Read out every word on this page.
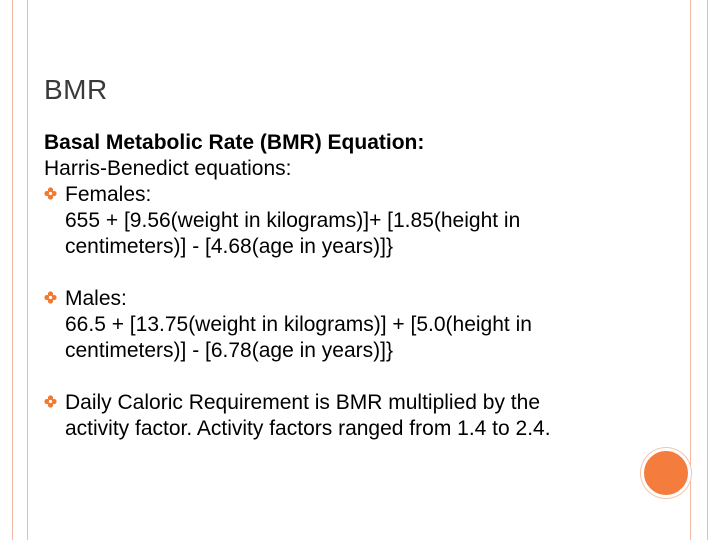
BMR
Basal Metabolic Rate (BMR) Equation:
Harris-Benedict equations:
Females:
655 + [9.56(weight in kilograms)]+ [1.85(height in
centimeters)] - [4.68(age in years)]}
Males:
66.5 + [13.75(weight in kilograms)] + [5.0(height in
centimeters)] - [6.78(age in years)]}
Daily Caloric Requirement is BMR multiplied by the
activity factor. Activity factors ranged from 1.4 to 2.4.
